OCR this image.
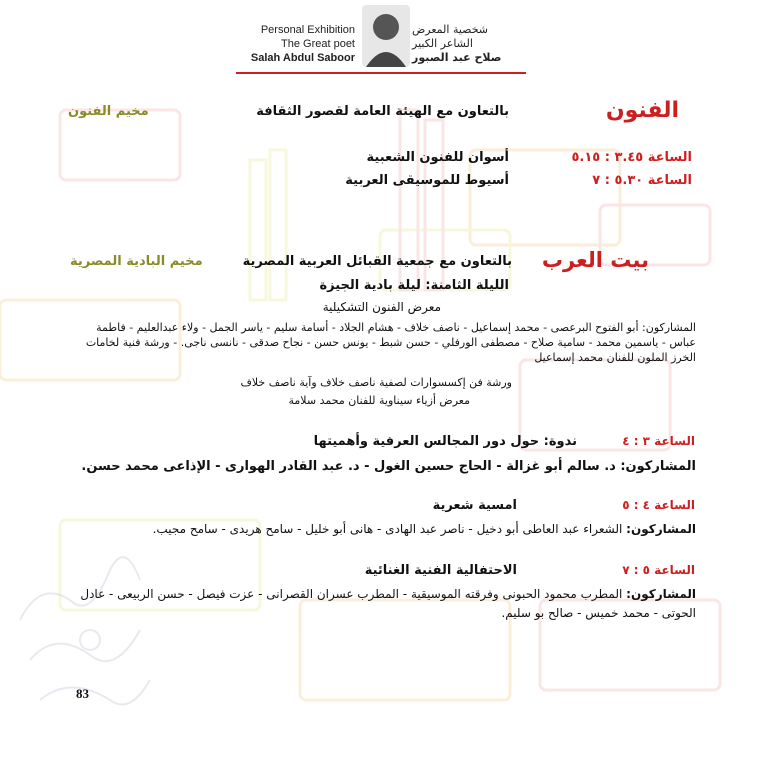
Personal Exhibition
The Great poet
Salah Abdul Saboor
شخصية المعرض
الشاعر الكبير
صلاح عبد الصبور
الفنون
بالتعاون مع الهيئة العامة لقصور الثقافة
مخيم الفنون
الساعة ٣.٤٥ : ٥.١٥
أسوان للفنون الشعبية
الساعة ٥.٣٠ : ٧
أسيوط للموسيقى العربية
بيت العرب
بالتعاون مع جمعية القبائل العربية المصرية
مخيم البادية المصرية
الليلة الثامنة: ليلة بادية الجيزة
معرض الفنون التشكيلية
المشاركون: أبو الفتوح البرعصى - محمد إسماعيل - ناصف خلاف - هشام الجلاد - أسامة سليم - ياسر الجمل - ولاء عبدالعليم - فاطمة عباس - ياسمين محمد - سامية صلاح - مصطفى الورفلي - حسن شبط - يونس حسن - نجاح صدقى - نانسى ناجى. - ورشة فنية لخامات الخرز الملون للفنان محمد إسماعيل
ورشة فن إكسسوارات لصفية ناصف خلاف وآية ناصف خلاف
معرض أزياء سيناوية للفنان محمد سلامة
الساعة ٣ : ٤
ندوة: حول دور المجالس العرفية وأهميتها
المشاركون: د. سالم أبو غزالة - الحاج حسين الغول - د. عبد القادر الهوارى - الإذاعى محمد حسن.
الساعة ٤ : ٥
امسية شعرية
المشاركون: الشعراء عبد العاطى أبو دخيل - ناصر عبد الهادى - هانى أبو خليل - سامح هريدى - سامح مجيب.
الساعة ٥ : ٧
الاحتفالية الفنية الغنائية
المشاركون: المطرب محمود الحبونى وفرقته الموسيقية - المطرب عسران القصرانى - عزت فيصل - حسن الربيعى - عادل الحوتى - محمد خميس - صالح بو سليم.
83
